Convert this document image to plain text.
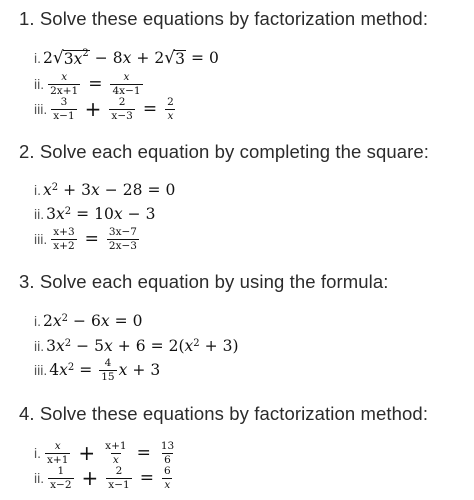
1. Solve these equations by factorization method:
i. 2 √ $3x^2 - 8$ x + 2 √ 3 = 0
ii. $\frac{x}{2x+1} = \frac{x}{4x-1}$
iii. $\frac{3}{x-1} + \frac{2}{x-3} = \frac{2}{x}$
2. Solve each equation by completing the square:
i. $x^2 + 3$ x − 28 = 0
ii. 3 $x^2 = 10$ x − 3
iii. $\frac{x+3}{x+2} = \frac{3x-7}{2x-3}$
3. Solve each equation by using the formula:
i. 2 $x^2 - 6$ x = 0
ii. 3 $x^2 - 5$ x + 6 = 2( $x^2 + 3$)
iii. 4 $x^2 = \frac{4}{15}$ x + 3
4. Solve these equations by factorization method:
i. $\frac{x}{x+1} + \frac{x+1}{x} = \frac{13}{6}$
ii. $\frac{1}{x-2} + \frac{2}{x-1} = \frac{6}{x}$
